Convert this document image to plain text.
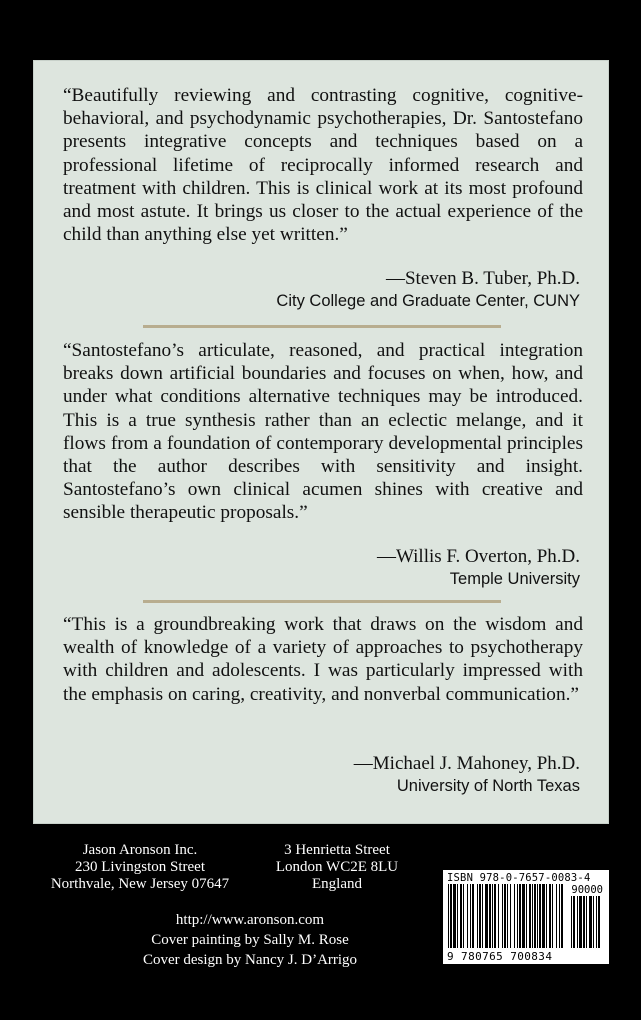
“Beautifully reviewing and contrasting cognitive, cognitive-behavioral, and psychodynamic psychotherapies, Dr. Santostefano presents integrative concepts and techniques based on a professional lifetime of reciprocally informed research and treatment with children. This is clinical work at its most profound and most astute. It brings us closer to the actual experience of the child than anything else yet written.”

—Steven B. Tuber, Ph.D.

City College and Graduate Center, CUNY

“Santostefano’s articulate, reasoned, and practical integration breaks down artificial boundaries and focuses on when, how, and under what conditions alternative techniques may be introduced. This is a true synthesis rather than an eclectic melange, and it flows from a foundation of contemporary developmental principles that the author describes with sensitivity and insight. Santostefano’s own clinical acumen shines with creative and sensible therapeutic proposals.”

—Willis F. Overton, Ph.D.

Temple University

“This is a groundbreaking work that draws on the wisdom and wealth of knowledge of a variety of approaches to psychotherapy with children and adolescents. I was particularly impressed with the emphasis on caring, creativity, and nonverbal communication.”

—Michael J. Mahoney, Ph.D.

University of North Texas

Jason Aronson Inc.
230 Livingston Street
Northvale, New Jersey 07647
3 Henrietta Street
London WC2E 8LU
England
http://www.aronson.com
Cover painting by Sally M. Rose
Cover design by Nancy J. D’Arrigo
ISBN 978-0-7657-0083-4
90000
9 780765 700834
